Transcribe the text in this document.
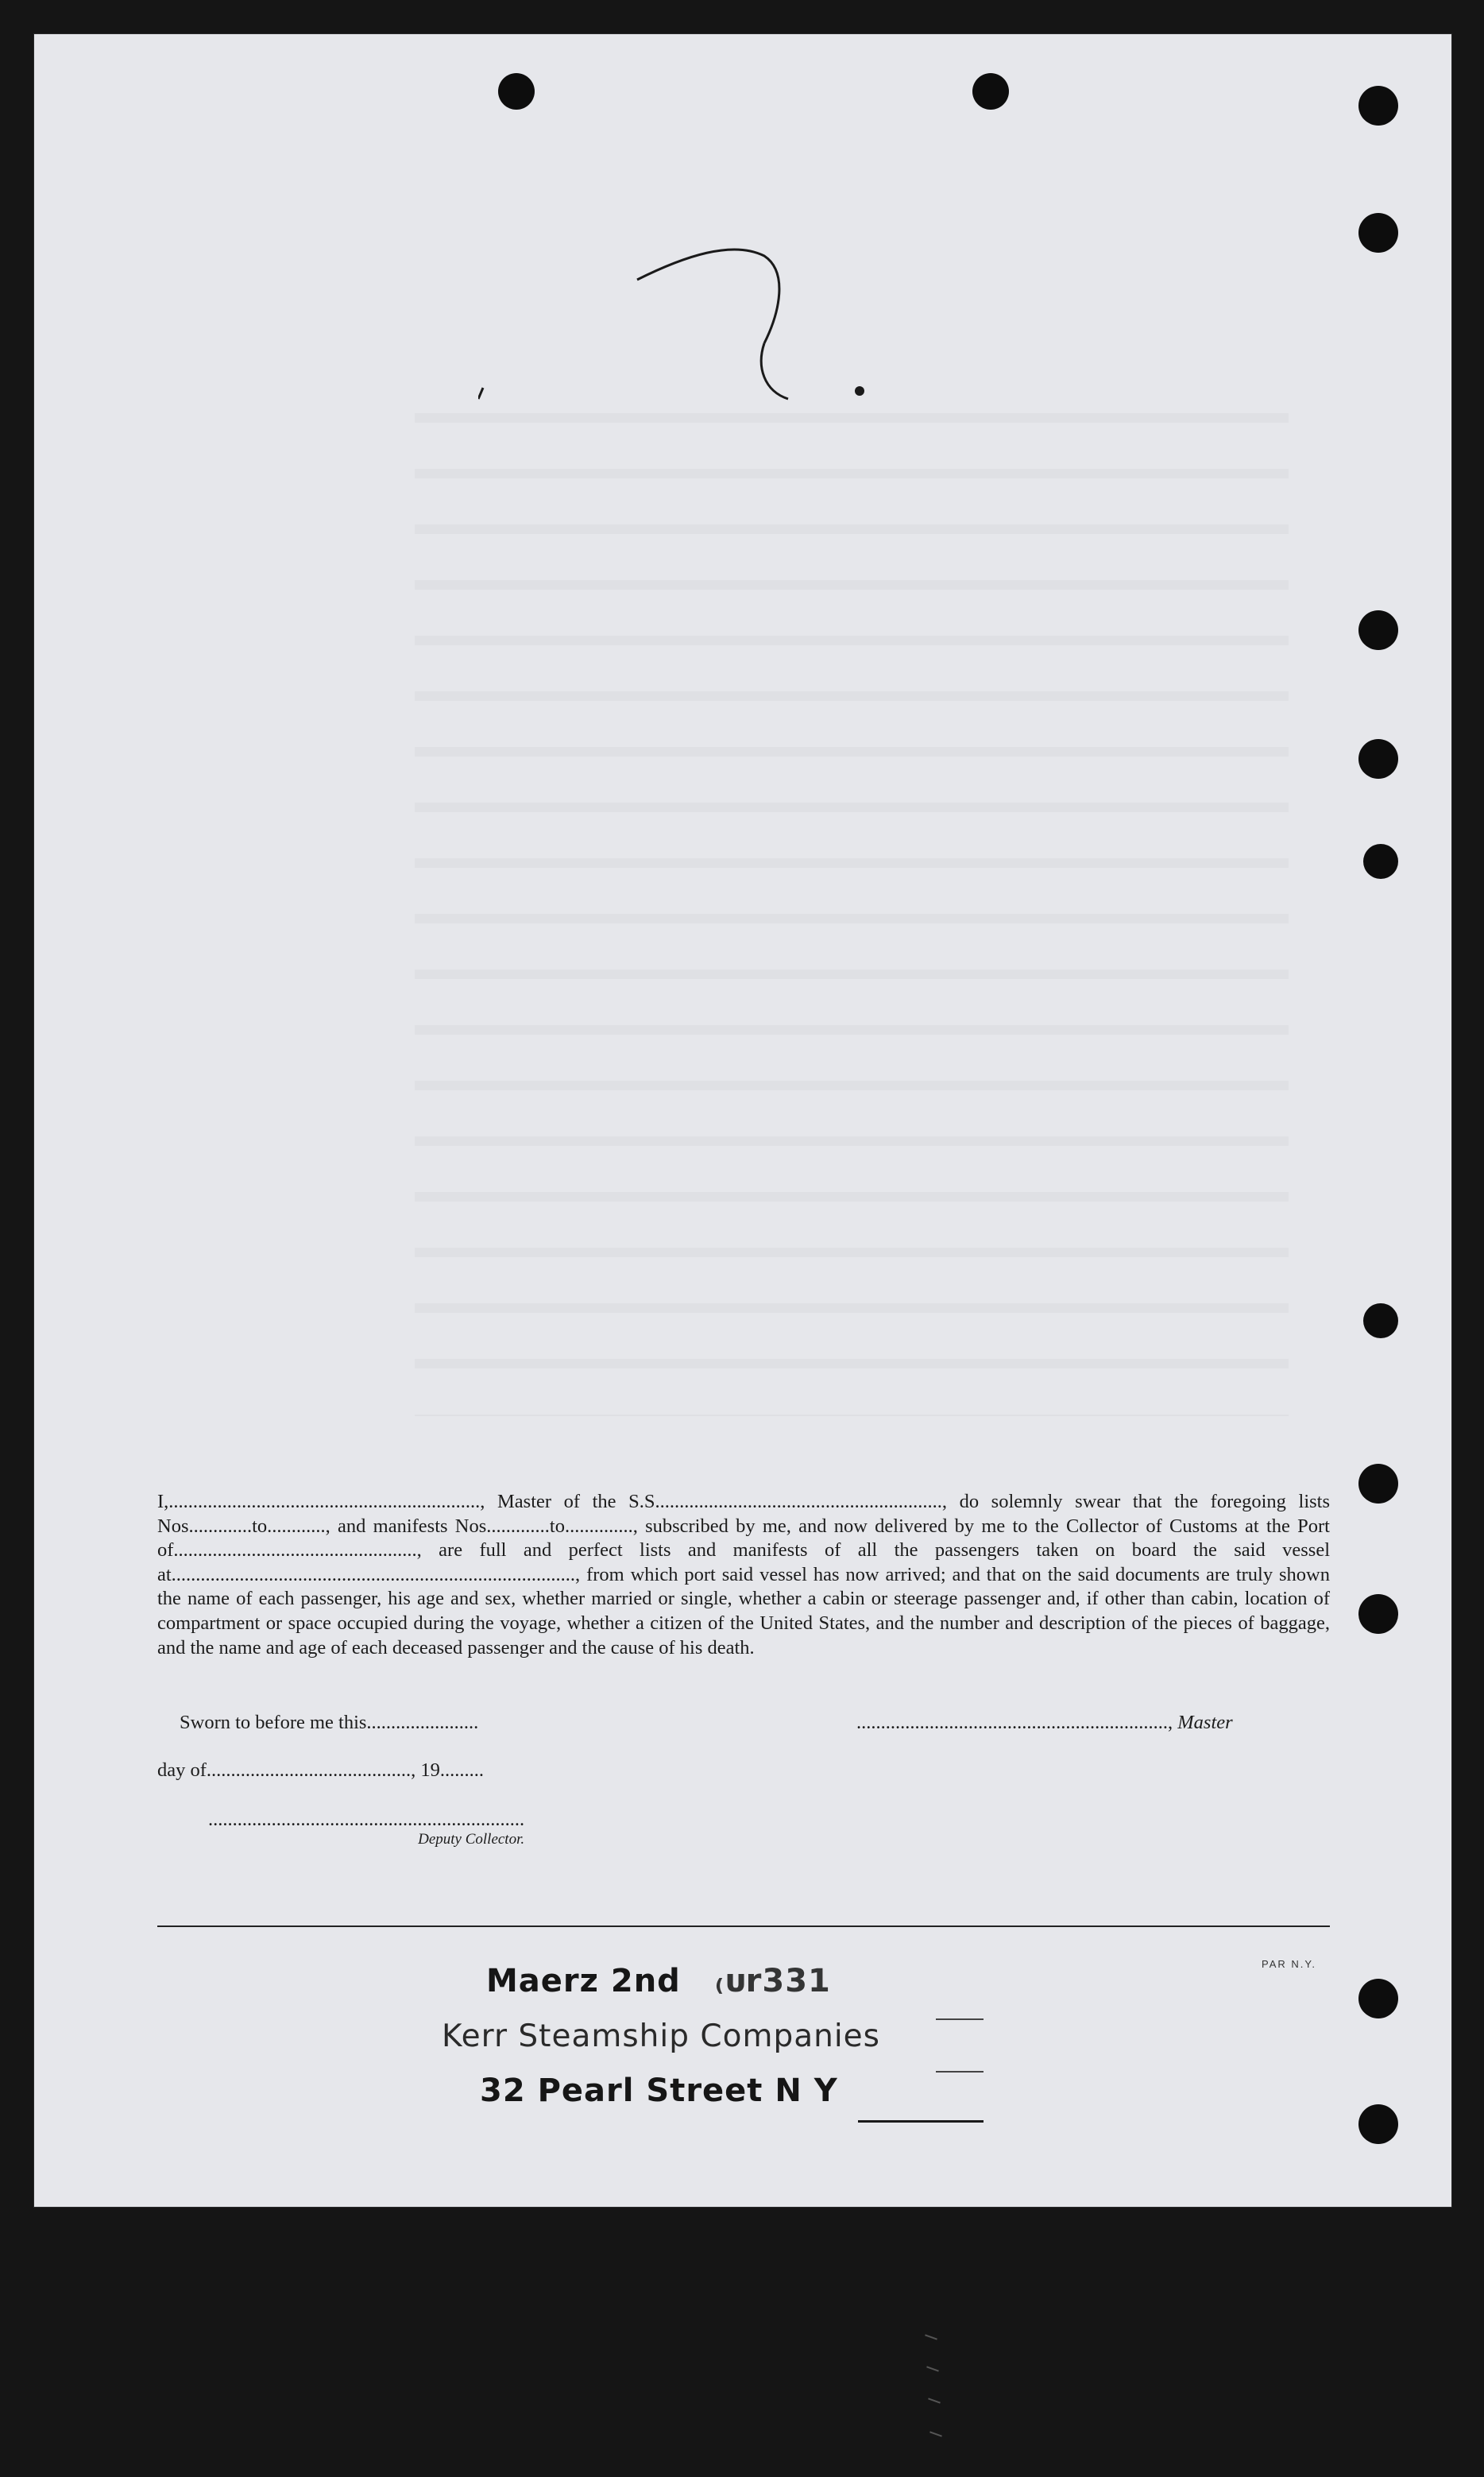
I,................................................................, Master of the S.S..........................................................., do solemnly swear that the foregoing lists Nos.............to............, and manifests Nos.............to.............., subscribed by me, and now delivered by me to the Collector of Customs at the Port of.................................................., are full and perfect lists and manifests of all the passengers taken on board the said vessel at..................................................................................., from which port said vessel has now arrived; and that on the said documents are truly shown the name of each passenger, his age and sex, whether married or single, whether a cabin or steerage passenger and, if other than cabin, location of compartment or space occupied during the voyage, whether a citizen of the United States, and the number and description of the pieces of baggage, and the name and age of each deceased passenger and the cause of his death.

Sworn to before me this.......................	................................................................, Master
day of.........................................., 19.........
.................................................................
Deputy Collector.
PAR N.Y.
Maerz 2nd ₍ᴜr331
Kerr Steamship Companies
32 Pearl Street N Y
